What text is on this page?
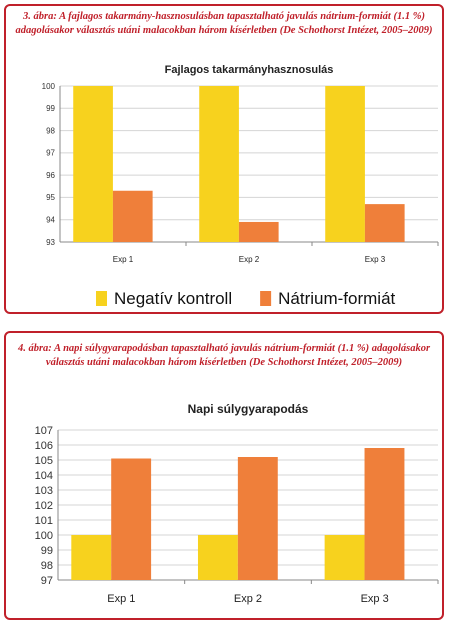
3. ábra: A fajlagos takarmány-hasznosulásban tapasztalható javulás nátrium-formiát (1.1 %) adagolásakor választás utáni malacokban három kísérletben (De Schothorst Intézet, 2005–2009)
Fajlagos takarmányhasznosulás
93
94
95
96
97
98
99
100
Exp 1	Exp 2	Exp 3
Negatív kontroll	Nátrium-formiát
4. ábra: A napi súlygyarapodásban tapasztalható javulás nátrium-formiát (1.1 %) adagolásakor választás utáni malacokban három kísérletben (De Schothorst Intézet, 2005–2009)
Napi súlygyarapodás
97
98
99
100
101
102
103
104
105
106
107
Exp 1	Exp 2	Exp 3
